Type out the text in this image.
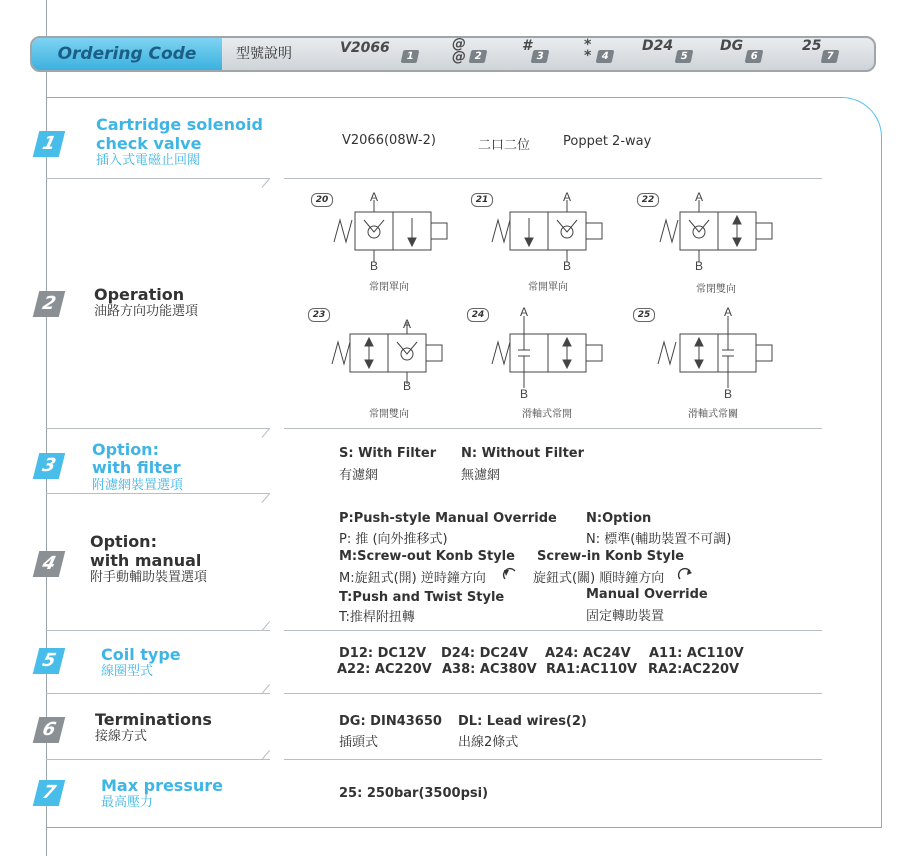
Ordering Code	型號說明	V2066
1
@
@ 2
#
3
*
* 4
D24
5
DG
6
25
7
1
Cartridge solenoid
check valve
插入式電磁止回閥
V2066(08W-2)	二口二位	Poppet 2-way
2	Operation
油路方向功能選項
20	21	22
23	24	25
A
B
常閉單向
A
B
常開單向
A
B
常閉雙向
A
B
常開雙向
A
B
滑軸式常開
A
B
滑軸式常關
3
Option:
with filter
附濾網裝置選項
S: With Filter
有濾網
N: Without Filter
無濾網
4
Option:
with manual
附手動輔助裝置選項
P:Push-style Manual Override
P: 推 (向外推移式)
N:Option
N: 標準(輔助裝置不可調)
M:Screw-out Konb Style
M:旋鈕式(開) 逆時鐘方向
Screw-in Konb Style
旋鈕式(關) 順時鐘方向
T:Push and Twist Style
T:推桿附扭轉
Manual Override
固定轉助裝置
5	Coil type
線圈型式
D12: DC12V D24: DC24V A24: AC24V A11: AC110V
A22: AC220V A38: AC380V RA1:AC110V RA2:AC220V
6	Terminations
接線方式
DG: DIN43650
插頭式
DL: Lead wires(2)
出線2條式
7	Max pressure
最高壓力
25: 250bar(3500psi)
